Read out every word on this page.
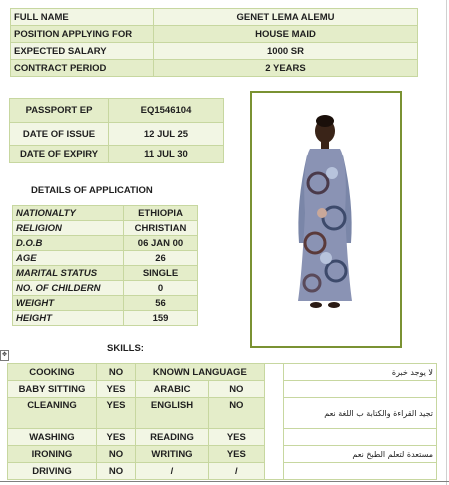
FULL NAME	GENET LEMA ALEMU
POSITION APPLYING FOR	HOUSE MAID
EXPECTED SALARY	1000 SR
CONTRACT PERIOD	2 YEARS
PASSPORT EP	EQ1546104
DATE OF ISSUE	12 JUL 25
DATE OF EXPIRY	11 JUL 30
DETAILS OF APPLICATION
NATIONALTY	ETHIOPIA
RELIGION	CHRISTIAN
D.O.B	06 JAN 00
AGE	26
MARITAL STATUS	SINGLE
NO. OF CHILDERN	0
WEIGHT	56
HEIGHT	159
SKILLS:
✥
COOKING	NO	KNOWN LANGUAGE			لا يوجد خبرة
BABY SITTING	YES	ARABIC	NO		
CLEANING	YES	ENGLISH	NO		تجيد القراءة والكتابة ب اللغة نعم
WASHING	YES	READING	YES		
IRONING	NO	WRITING	YES		مستعدة لتعلم الطبخ نعم
DRIVING	NO	/	/		
